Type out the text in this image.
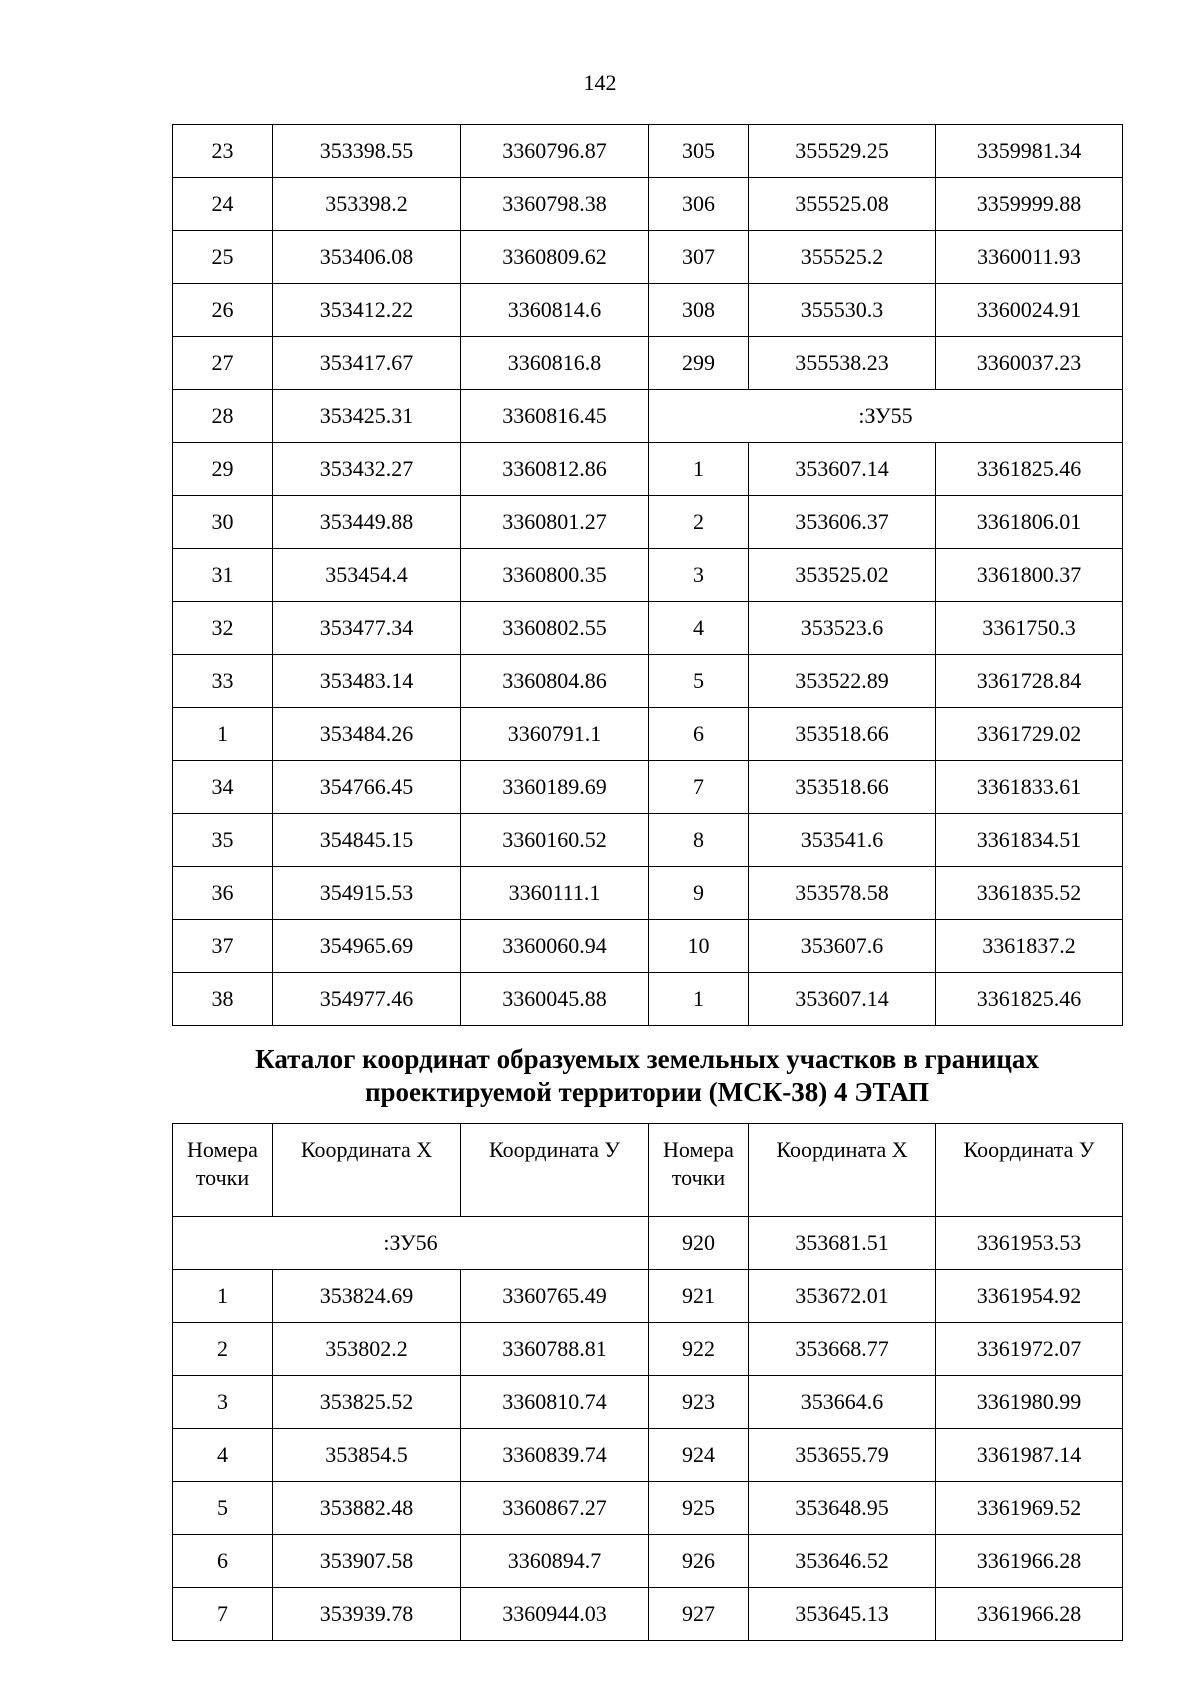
142
23	353398.55	3360796.87	305	355529.25	3359981.34
24	353398.2	3360798.38	306	355525.08	3359999.88
25	353406.08	3360809.62	307	355525.2	3360011.93
26	353412.22	3360814.6	308	355530.3	3360024.91
27	353417.67	3360816.8	299	355538.23	3360037.23
28	353425.31	3360816.45	:ЗУ55		
29	353432.27	3360812.86	1	353607.14	3361825.46
30	353449.88	3360801.27	2	353606.37	3361806.01
31	353454.4	3360800.35	3	353525.02	3361800.37
32	353477.34	3360802.55	4	353523.6	3361750.3
33	353483.14	3360804.86	5	353522.89	3361728.84
1	353484.26	3360791.1	6	353518.66	3361729.02
34	354766.45	3360189.69	7	353518.66	3361833.61
35	354845.15	3360160.52	8	353541.6	3361834.51
36	354915.53	3360111.1	9	353578.58	3361835.52
37	354965.69	3360060.94	10	353607.6	3361837.2
38	354977.46	3360045.88	1	353607.14	3361825.46
Каталог координат образуемых земельных участков в границах
проектируемой территории (МСК-38) 4 ЭТАП
Номера точки	Координата Х	Координата У	Номера точки	Координата Х	Координата У
:ЗУ56			920	353681.51	3361953.53
1	353824.69	3360765.49	921	353672.01	3361954.92
2	353802.2	3360788.81	922	353668.77	3361972.07
3	353825.52	3360810.74	923	353664.6	3361980.99
4	353854.5	3360839.74	924	353655.79	3361987.14
5	353882.48	3360867.27	925	353648.95	3361969.52
6	353907.58	3360894.7	926	353646.52	3361966.28
7	353939.78	3360944.03	927	353645.13	3361966.28
